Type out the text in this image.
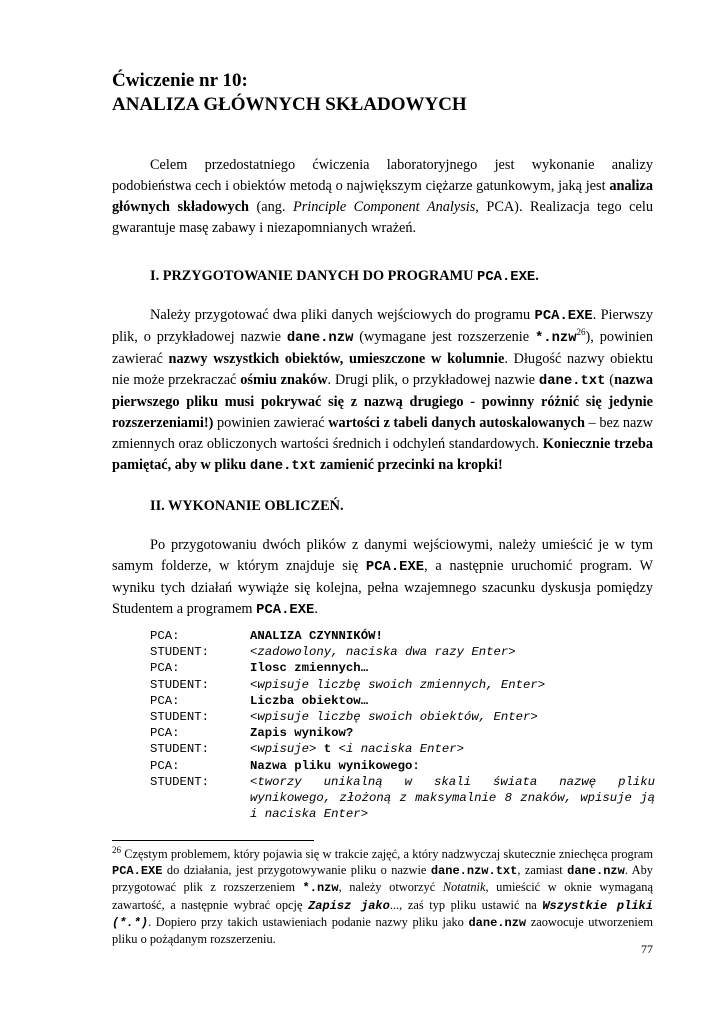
Ćwiczenie nr 10:
ANALIZA GŁÓWNYCH SKŁADOWYCH
Celem przedostatniego ćwiczenia laboratoryjnego jest wykonanie analizy podobieństwa cech i obiektów metodą o największym ciężarze gatunkowym, jaką jest analiza głównych składowych (ang. Principle Component Analysis, PCA). Realizacja tego celu gwarantuje masę zabawy i niezapomnianych wrażeń.
I. PRZYGOTOWANIE DANYCH DO PROGRAMU PCA.EXE.
Należy przygotować dwa pliki danych wejściowych do programu PCA.EXE. Pierwszy plik, o przykładowej nazwie dane.nzw (wymagane jest rozszerzenie *.nzw$^{26}$), powinien zawierać nazwy wszystkich obiektów, umieszczone w kolumnie. Długość nazwy obiektu nie może przekraczać ośmiu znaków. Drugi plik, o przykładowej nazwie dane.txt (nazwa pierwszego pliku musi pokrywać się z nazwą drugiego - powinny różnić się jedynie rozszerzeniami!) powinien zawierać wartości z tabeli danych autoskalowanych – bez nazw zmiennych oraz obliczonych wartości średnich i odchyleń standardowych. Koniecznie trzeba pamiętać, aby w pliku dane.txt zamienić przecinki na kropki!
II. WYKONANIE OBLICZEŃ.
Po przygotowaniu dwóch plików z danymi wejściowymi, należy umieścić je w tym samym folderze, w którym znajduje się PCA.EXE, a następnie uruchomić program. W wyniku tych działań wywiąże się kolejna, pełna wzajemnego szacunku dyskusja pomiędzy Studentem a programem PCA.EXE.
PCA:	ANALIZA CZYNNIKÓW!
STUDENT:	<zadowolony, naciska dwa razy Enter>
PCA:	Ilosc zmiennych…
STUDENT:	<wpisuje liczbę swoich zmiennych, Enter>
PCA:	Liczba obiektow…
STUDENT:	<wpisuje liczbę swoich obiektów, Enter>
PCA:	Zapis wynikow?
STUDENT:	<wpisuje> t <i naciska Enter>
PCA:	Nazwa pliku wynikowego:
STUDENT:	<tworzy unikalną w skali świata nazwę pliku wynikowego, złożoną z maksymalnie 8 znaków, wpisuje ją i naciska Enter>
$^{26}$ Częstym problemem, który pojawia się w trakcie zajęć, a który nadzwyczaj skutecznie zniechęca program PCA.EXE do działania, jest przygotowywanie pliku o nazwie dane.nzw.txt, zamiast dane.nzw. Aby przygotować plik z rozszerzeniem *.nzw, należy otworzyć Notatnik, umieścić w oknie wymaganą zawartość, a następnie wybrać opcję Zapisz jako..., zaś typ pliku ustawić na Wszystkie pliki (*.*). Dopiero przy takich ustawieniach podanie nazwy pliku jako dane.nzw zaowocuje utworzeniem pliku o pożądanym rozszerzeniu.
77
